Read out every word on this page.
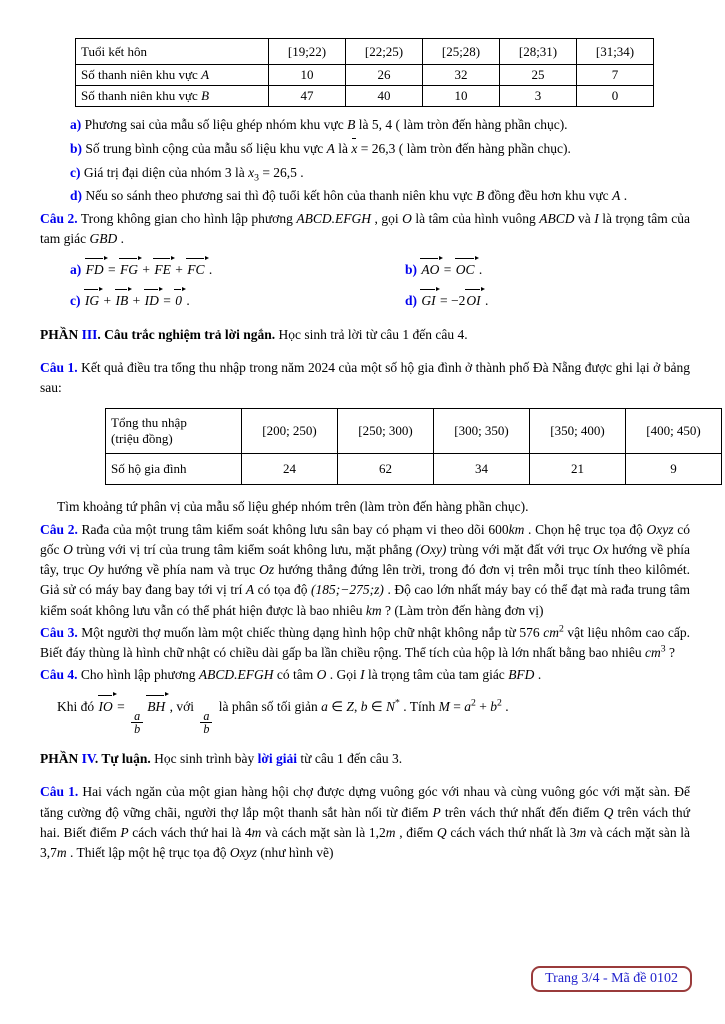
Tuổi kết hôn	[19;22)	[22;25)	[25;28)	[28;31)	[31;34)
Số thanh niên khu vực A	10	26	32	25	7
Số thanh niên khu vực B	47	40	10	3	0

a) Phương sai của mẫu số liệu ghép nhóm khu vực B là 5, 4 ( làm tròn đến hàng phần chục).

b) Số trung bình cộng của mẫu số liệu khu vực A là x = 26,3 ( làm tròn đến hàng phần chục).

c) Giá trị đại diện của nhóm 3 là $x_3 = 26,5$ .

d) Nếu so sánh theo phương sai thì độ tuổi kết hôn của thanh niên khu vực B đồng đều hơn khu vực A .

Câu 2. Trong không gian cho hình lập phương ABCD.EFGH , gọi O là tâm của hình vuông ABCD và I là trọng tâm của tam giác GBD .

a) FD = FG + FE + FC .	b) AO = OC .

c) IG + IB + ID = 0 .	d) GI = −2OI .

PHẦN III. Câu trắc nghiệm trả lời ngắn. Học sinh trả lời từ câu 1 đến câu 4.

Câu 1. Kết quả điều tra tổng thu nhập trong năm 2024 của một số hộ gia đình ở thành phố Đà Nẵng được ghi lại ở bảng sau:

Tổng thu nhập
(triệu đồng)	[200; 250)	[250; 300)	[300; 350)	[350; 400)	[400; 450)
Số hộ gia đình	24	62	34	21	9

Tìm khoảng tứ phân vị của mẫu số liệu ghép nhóm trên (làm tròn đến hàng phần chục).

Câu 2. Rađa của một trung tâm kiểm soát không lưu sân bay có phạm vi theo dõi 600km . Chọn hệ trục tọa độ Oxyz có gốc O trùng với vị trí của trung tâm kiểm soát không lưu, mặt phẳng (Oxy) trùng với mặt đất với trục Ox hướng về phía tây, trục Oy hướng về phía nam và trục Oz hướng thẳng đứng lên trời, trong đó đơn vị trên mỗi trục tính theo kilômét. Giả sử có máy bay đang bay tới vị trí A có tọa độ (185;−275;z) . Độ cao lớn nhất máy bay có thể đạt mà rađa trung tâm kiểm soát không lưu vẫn có thể phát hiện được là bao nhiêu km ? (Làm tròn đến hàng đơn vị)

Câu 3. Một người thợ muốn làm một chiếc thùng dạng hình hộp chữ nhật không nắp từ 576 $cm^2$ vật liệu nhôm cao cấp. Biết đáy thùng là hình chữ nhật có chiều dài gấp ba lần chiều rộng. Thể tích của hộp là lớn nhất bằng bao nhiêu $cm^3$ ?

Câu 4. Cho hình lập phương ABCD.EFGH có tâm O . Gọi I là trọng tâm của tam giác BFD .

Khi đó IO =
$\frac{a}{b}$
BH , với
$\frac{a}{b}$
là phân số tối giản a ∈ Z, b ∈ N* . Tính $M = a^2 + b^2$ .

PHẦN IV. Tự luận. Học sinh trình bày lời giải từ câu 1 đến câu 3.

Câu 1. Hai vách ngăn của một gian hàng hội chợ được dựng vuông góc với nhau và cùng vuông góc với mặt sàn. Để tăng cường độ vững chãi, người thợ lắp một thanh sắt hàn nối từ điểm P trên vách thứ nhất đến điểm Q trên vách thứ hai. Biết điểm P cách vách thứ hai là 4m và cách mặt sàn là 1,2m , điểm Q cách vách thứ nhất là 3m và cách mặt sàn là 3,7m . Thiết lập một hệ trục tọa độ Oxyz (như hình vẽ)

Trang 3/4 - Mã đề 0102
